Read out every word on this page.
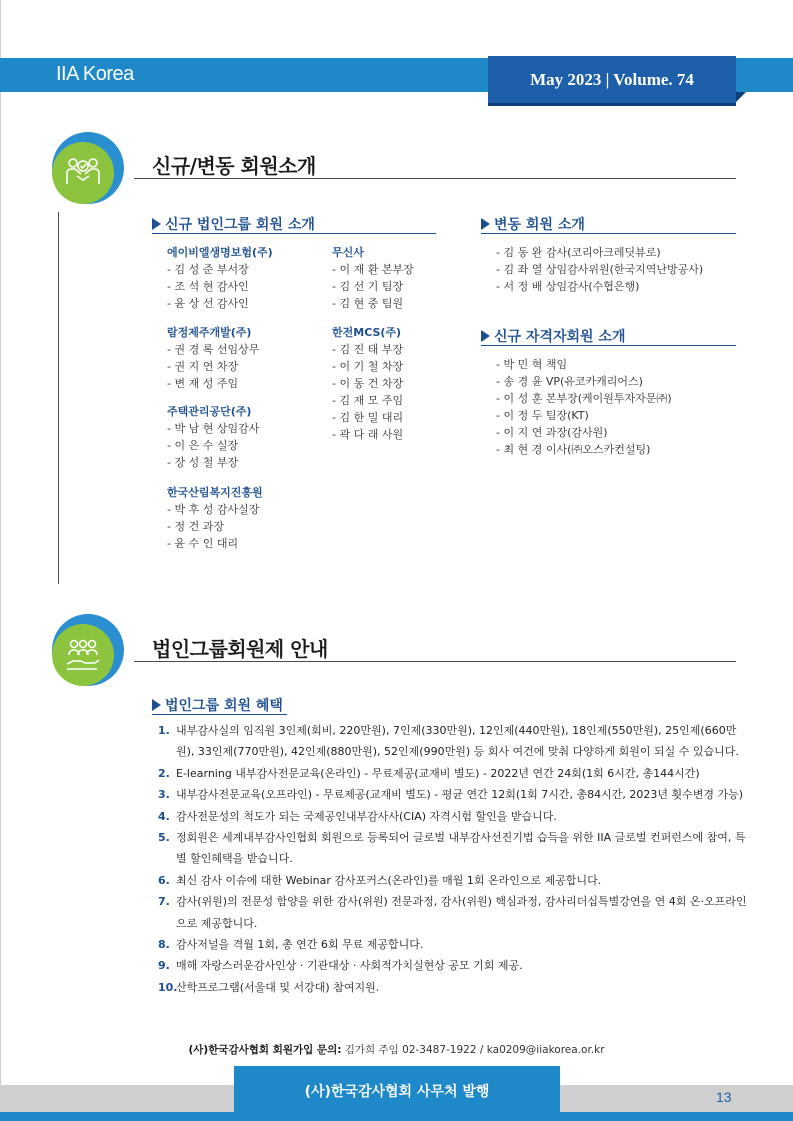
IIA Korea	May 2023 | Volume. 74
신규/변동 회원소개
신규 법인그룹 회원 소개
에이비엘생명보험(주)
- 김 성 준 부서장
- 조 석 현 감사인
- 윤 상 선 감사인
람정제주개발(주)
- 권 경 록 선임상무
- 권 지 연 차장
- 변 재 성 주임
주택관리공단(주)
- 박 남 현 상임감사
- 이 은 수 실장
- 장 성 철 부장
한국산림복지진흥원
- 박 후 성 감사실장
- 정 건 과장
- 윤 수 인 대리
무신사
- 이 재 환 본부장
- 김 선 기 팀장
- 김 현 중 팀원
한전MCS(주)
- 김 진 태 부장
- 이 기 철 차장
- 이 동 건 차장
- 김 재 모 주임
- 김 한 밀 대리
- 곽 다 래 사원
변동 회원 소개
- 김 동 완 감사(코리아크레딧뷰로)
- 김 좌 열 상임감사위원(한국지역난방공사)
- 서 정 배 상임감사(수협은행)
신규 자격자회원 소개
- 박 민 혁 책임
- 송 경 윤 VP(유코카캐리어스)
- 이 성 훈 본부장(케이원투자자문㈜)
- 이 정 두 팀장(KT)
- 이 지 연 과장(감사원)
- 최 현 경 이사(㈜오스카컨설팅)
법인그룹회원제 안내
법인그룹 회원 혜택
1. 내부감사실의 임직원 3인제(회비, 220만원), 7인제(330만원), 12인제(440만원), 18인제(550만원), 25인제(660만원), 33인제(770만원), 42인제(880만원), 52인제(990만원) 등 회사 여건에 맞춰 다양하게 회원이 되실 수 있습니다.
2. E-learning 내부감사전문교육(온라인) - 무료제공(교재비 별도) - 2022년 연간 24회(1회 6시간, 총144시간)
3. 내부감사전문교육(오프라인) - 무료제공(교재비 별도) - 평균 연간 12회(1회 7시간, 총84시간, 2023년 횟수변경 가능)
4. 감사전문성의 척도가 되는 국제공인내부감사사(CIA) 자격시험 할인을 받습니다.
5. 정회원은 세계내부감사인협회 회원으로 등록되어 글로벌 내부감사선진기법 습득을 위한 IIA 글로벌 컨퍼런스에 참여, 특별 할인혜택을 받습니다.
6. 최신 감사 이슈에 대한 Webinar 감사포커스(온라인)를 매월 1회 온라인으로 제공합니다.
7. 감사(위원)의 전문성 함양을 위한 감사(위원) 전문과정, 감사(위원) 핵심과정, 감사리더십특별강연을 연 4회 온·오프라인으로 제공합니다.
8. 감사저널을 격월 1회, 총 연간 6회 무료 제공합니다.
9. 매해 자랑스러운감사인상 · 기관대상 · 사회적가치실현상 공모 기회 제공.
10.
산학프로그램(서울대 및 서강대) 참여지원.
(사)한국감사협회 회원가입 문의: 김가희 주임 02-3487-1922 / ka0209@iiakorea.or.kr
(사)한국감사협회 사무처 발행	13
